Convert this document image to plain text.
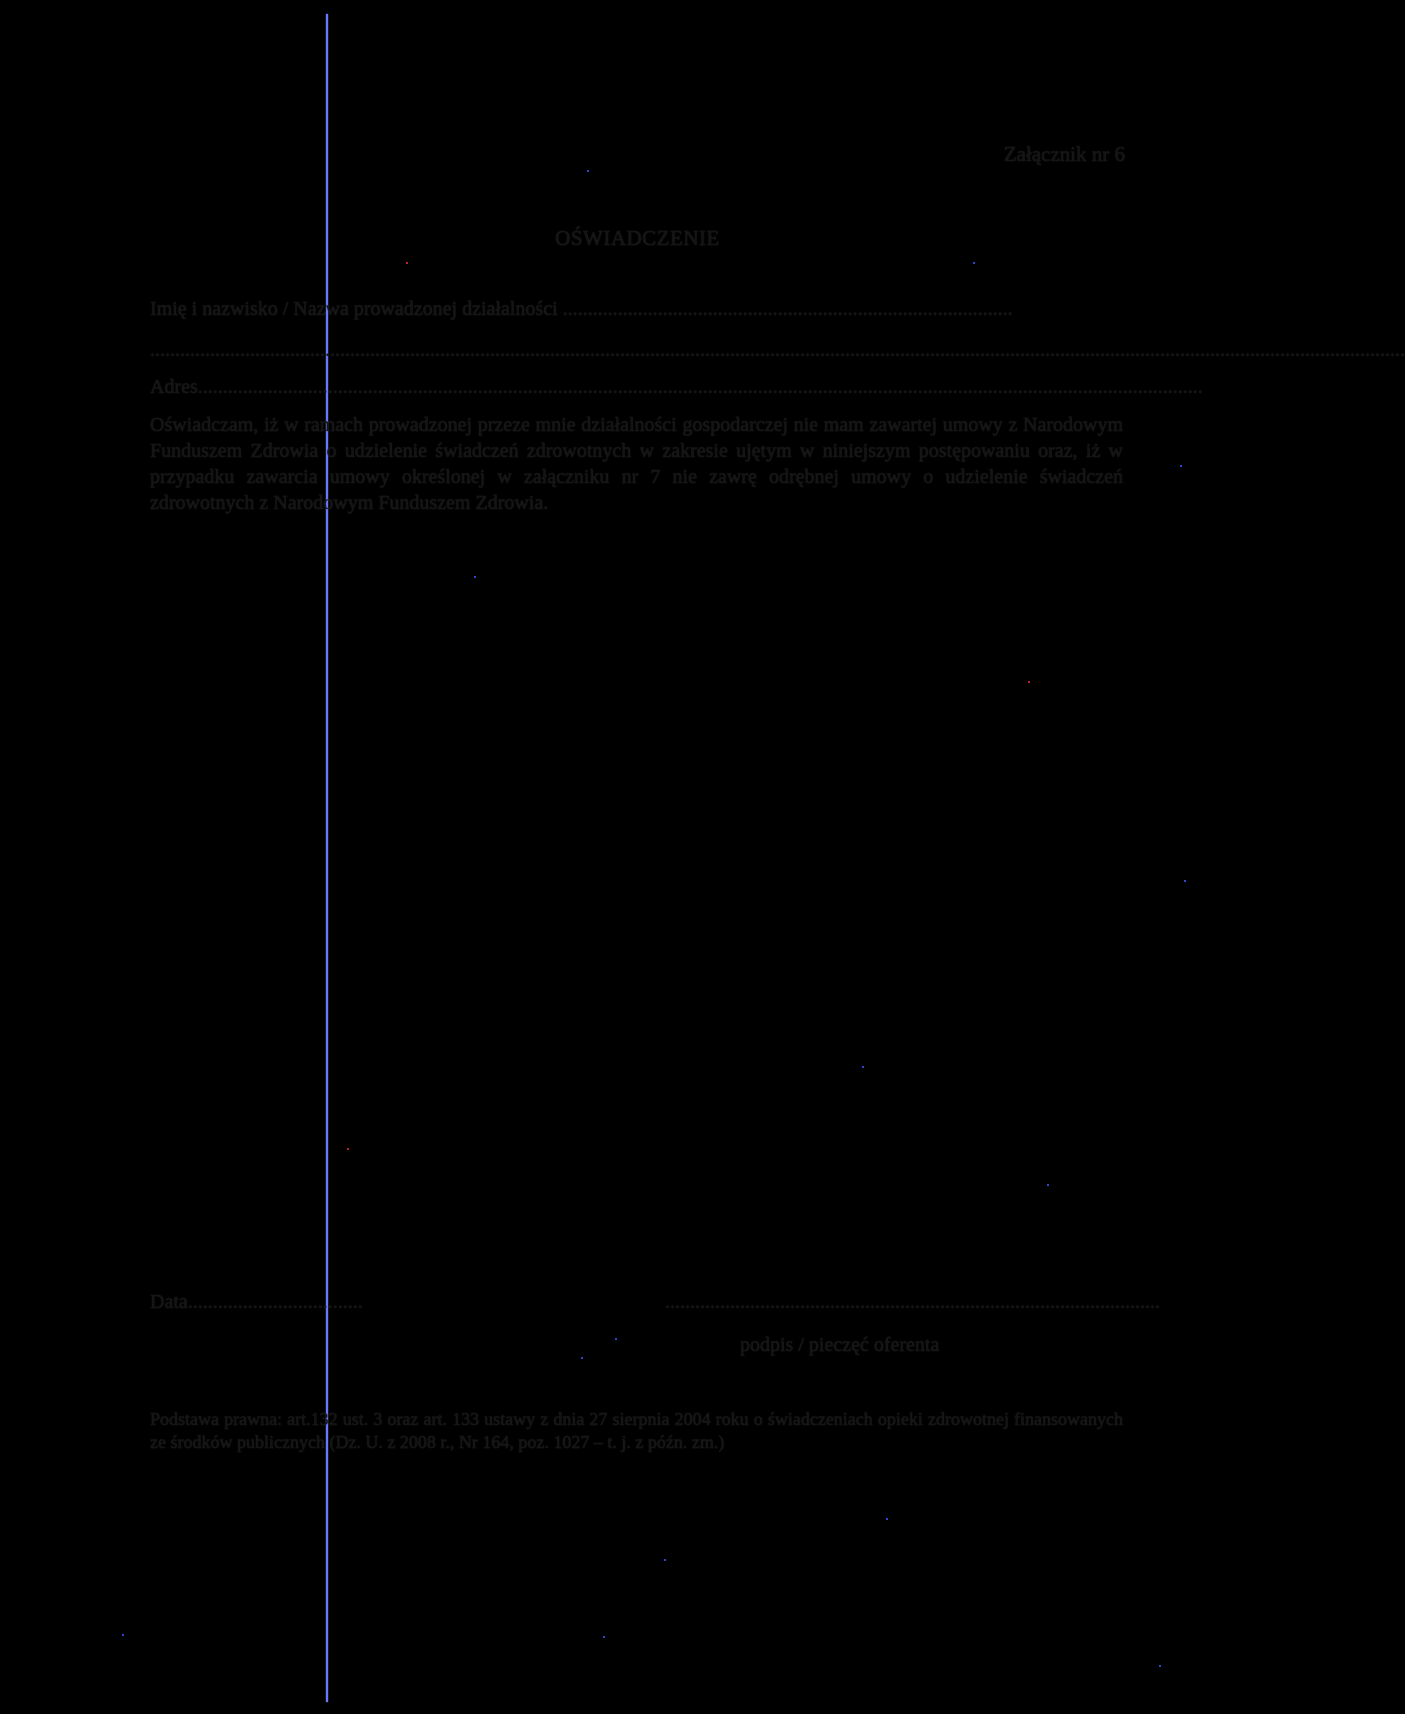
Załącznik nr 6
OŚWIADCZENIE
Imię i nazwisko / Nazwa prowadzonej działalności ..........................................................................................
...........................................................................................................................................................................................................................................................
Adres.........................................................................................................................................................................................................
Oświadczam, iż w ramach prowadzonej przeze mnie działalności gospodarczej nie mam zawartej umowy z Narodowym Funduszem Zdrowia o udzielenie świadczeń zdrowotnych w zakresie ujętym w niniejszym postępowaniu oraz, iż w przypadku zawarcia umowy określonej w załączniku nr 7 nie zawrę odrębnej umowy o udzielenie świadczeń zdrowotnych z Narodowym Funduszem Zdrowia.
Data...................................	...................................................................................................
podpis / pieczęć oferenta
Podstawa prawna: art.132 ust. 3 oraz art. 133 ustawy z dnia 27 sierpnia 2004 roku o świadczeniach opieki zdrowotnej finansowanych ze środków publicznych (Dz. U. z 2008 r., Nr 164, poz. 1027 – t. j. z późn. zm.)
